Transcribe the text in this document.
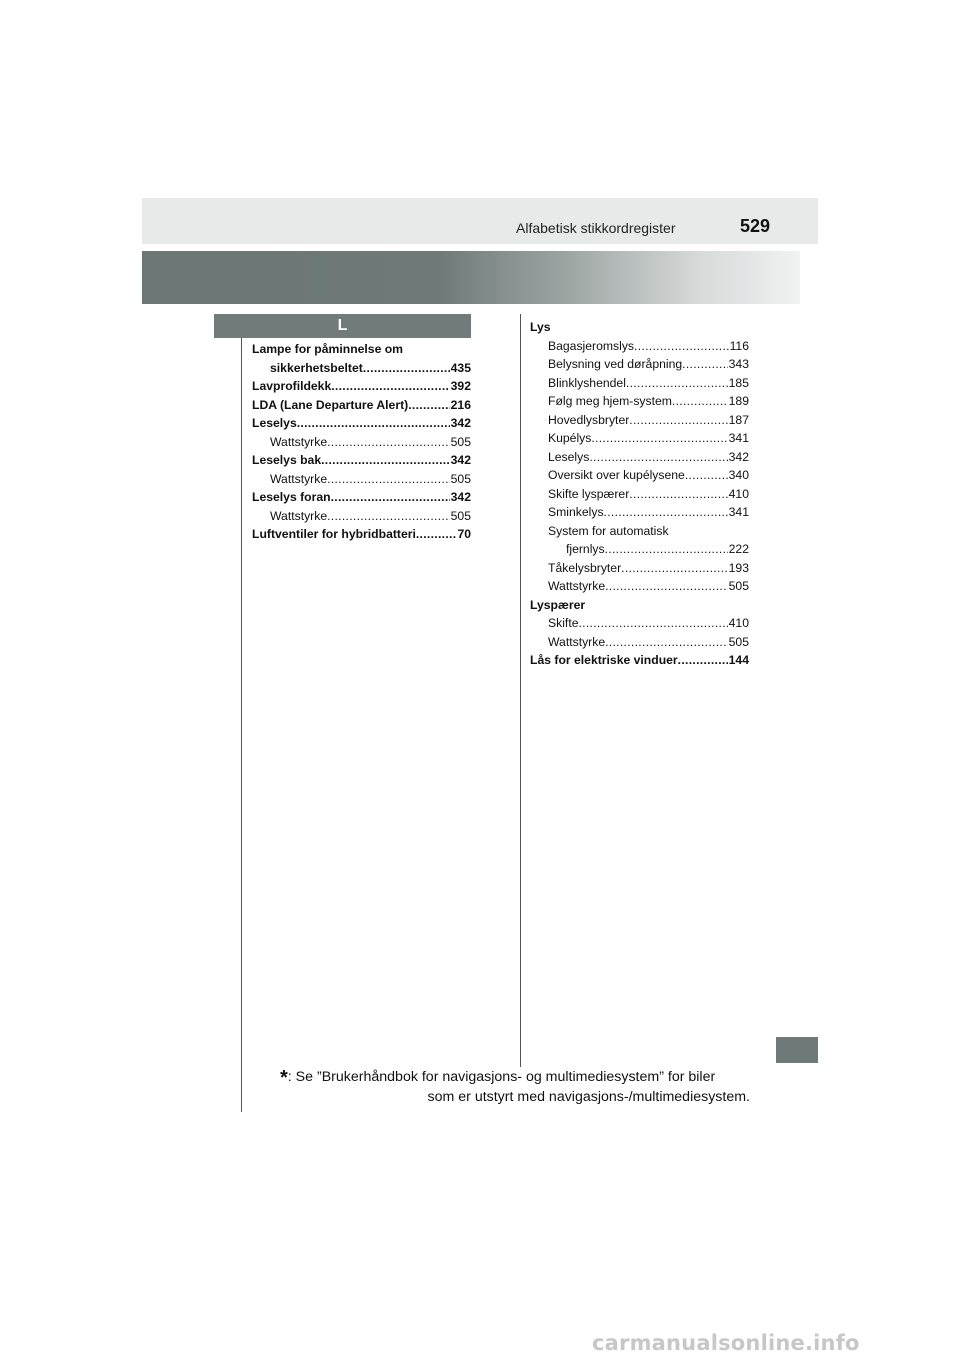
Alfabetisk stikkordregister	529
L
Lampe for påminnelse om
sikkerhetsbeltet .....	435
Lavprofildekk .....	392
LDA (Lane Departure Alert) .....	216
Leselys .....	342
Wattstyrke .....	505
Leselys bak .....	342
Wattstyrke .....	505
Leselys foran .....	342
Wattstyrke .....	505
Luftventiler for hybridbatteri .....	70
Lys
Bagasjeromslys .....	116
Belysning ved døråpning .....	343
Blinklyshendel .....	185
Følg meg hjem-system .....	189
Hovedlysbryter .....	187
Kupélys .....	341
Leselys .....	342
Oversikt over kupélysene .....	340
Skifte lyspærer .....	410
Sminkelys .....	341
System for automatisk
fjernlys .....	222
Tåkelysbryter .....	193
Wattstyrke .....	505
Lyspærer
Skifte .....	410
Wattstyrke .....	505
Lås for elektriske vinduer .....	144
*: Se ”Brukerhåndbok for navigasjons- og multimediesystem” for biler
som er utstyrt med navigasjons-/multimediesystem.
carmanualsonline.info
